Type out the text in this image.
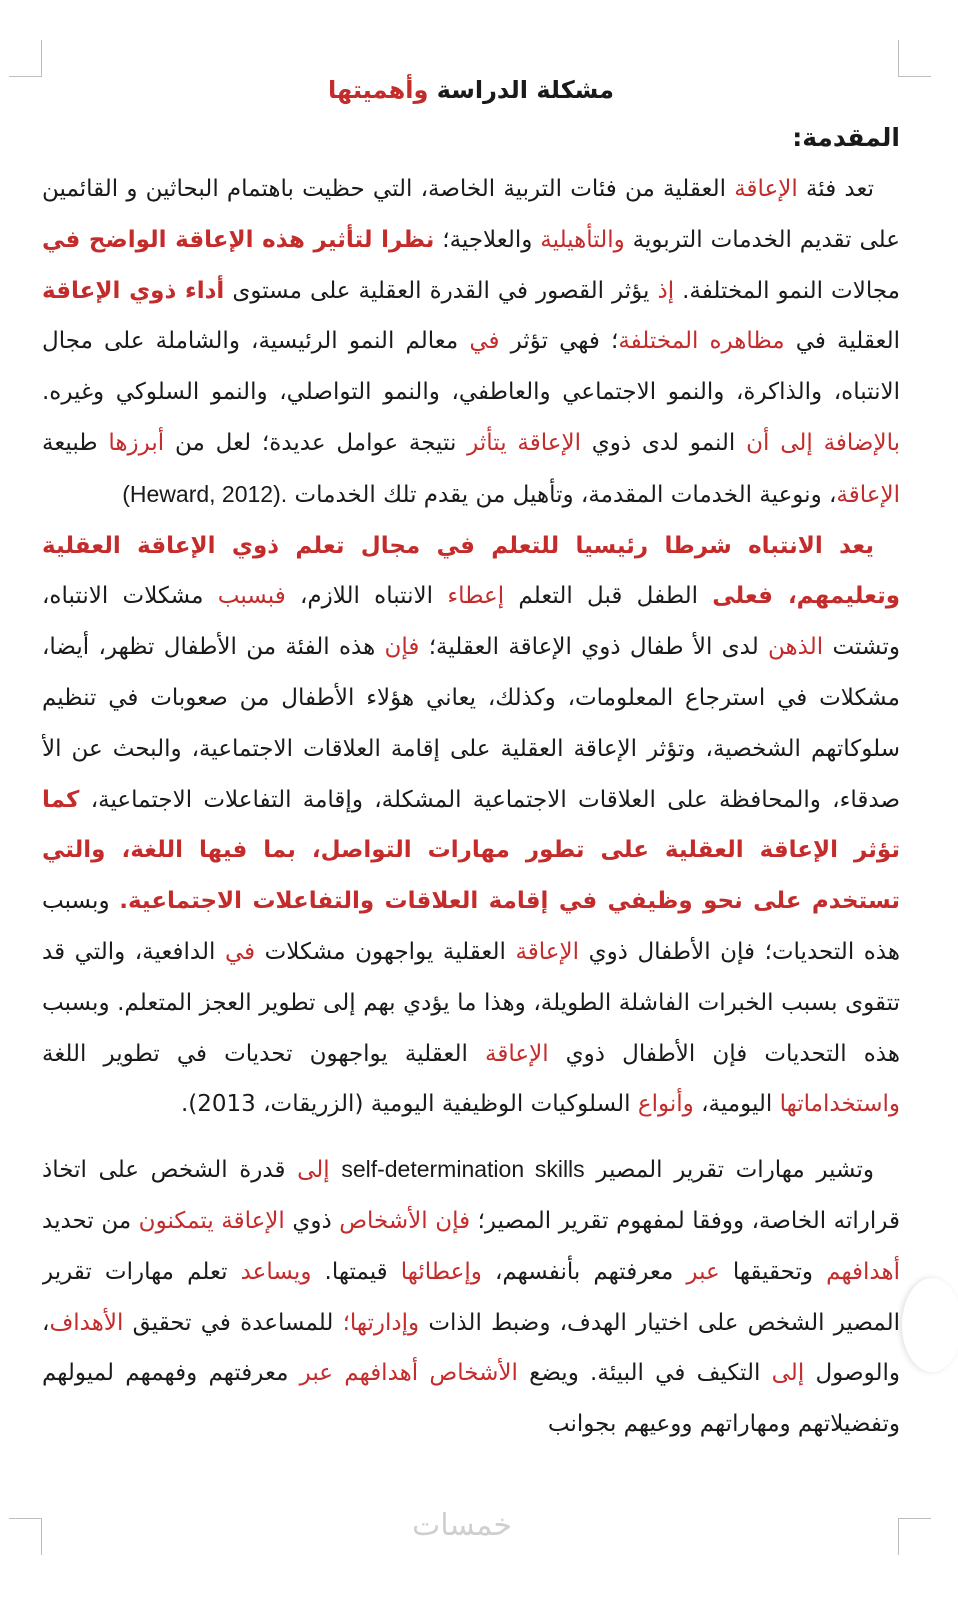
مشكلة الدراسة وأهميتها

المقدمة:

تعد فئة الإعاقة العقلية من فئات التربية الخاصة، التي حظيت باهتمام البحاثين و القائمين على تقديم الخدمات التربوية والتأهيلية والعلاجية؛ نظرا لتأثير هذه الإعاقة الواضح في مجالات النمو المختلفة. إذ يؤثر القصور في القدرة العقلية على مستوى أداء ذوي الإعاقة العقلية في مظاهره المختلفة؛ فهي تؤثر في معالم النمو الرئيسية، والشاملة على مجال الانتباه، والذاكرة، والنمو الاجتماعي والعاطفي، والنمو التواصلي، والنمو السلوكي وغيره. بالإضافة إلى أن النمو لدى ذوي الإعاقة يتأثر نتيجة عوامل عديدة؛ لعل من أبرزها طبيعة الإعاقة، ونوعية الخدمات المقدمة، وتأهيل من يقدم تلك الخدمات (Heward, 2012).

يعد الانتباه شرطا رئيسيا للتعلم في مجال تعلم ذوي الإعاقة العقلية وتعليمهم، فعلى الطفل قبل التعلم إعطاء الانتباه اللازم، فبسبب مشكلات الانتباه، وتشتت الذهن لدى الأ طفال ذوي الإعاقة العقلية؛ فإن هذه الفئة من الأطفال تظهر، أيضا، مشكلات في استرجاع المعلومات، وكذلك، يعاني هؤلاء الأطفال من صعوبات في تنظيم سلوكاتهم الشخصية، وتؤثر الإعاقة العقلية على إقامة العلاقات الاجتماعية، والبحث عن الأ صدقاء، والمحافظة على العلاقات الاجتماعية المشكلة، وإقامة التفاعلات الاجتماعية، كما تؤثر الإعاقة العقلية على تطور مهارات التواصل، بما فيها اللغة، والتي تستخدم على نحو وظيفي في إقامة العلاقات والتفاعلات الاجتماعية. وبسبب هذه التحديات؛ فإن الأطفال ذوي الإعاقة العقلية يواجهون مشكلات في الدافعية، والتي قد تتقوى بسبب الخبرات الفاشلة الطويلة، وهذا ما يؤدي بهم إلى تطوير العجز المتعلم. وبسبب هذه التحديات فإن الأطفال ذوي الإعاقة العقلية يواجهون تحديات في تطوير اللغة واستخداماتها اليومية، وأنواع السلوكيات الوظيفية اليومية (الزريقات، 2013).

وتشير مهارات تقرير المصير self-determination skills إلى قدرة الشخص على اتخاذ قراراته الخاصة، ووفقا لمفهوم تقرير المصير؛ فإن الأشخاص ذوي الإعاقة يتمكنون من تحديد أهدافهم وتحقيقها عبر معرفتهم بأنفسهم، وإعطائها قيمتها. ويساعد تعلم مهارات تقرير المصير الشخص على اختيار الهدف، وضبط الذات وإدارتها؛ للمساعدة في تحقيق الأهداف، والوصول إلى التكيف في البيئة. ويضع الأشخاص أهدافهم عبر معرفتهم وفهمهم لميولهم وتفضيلاتهم ومهاراتهم ووعيهم بجوانب

خمسات
